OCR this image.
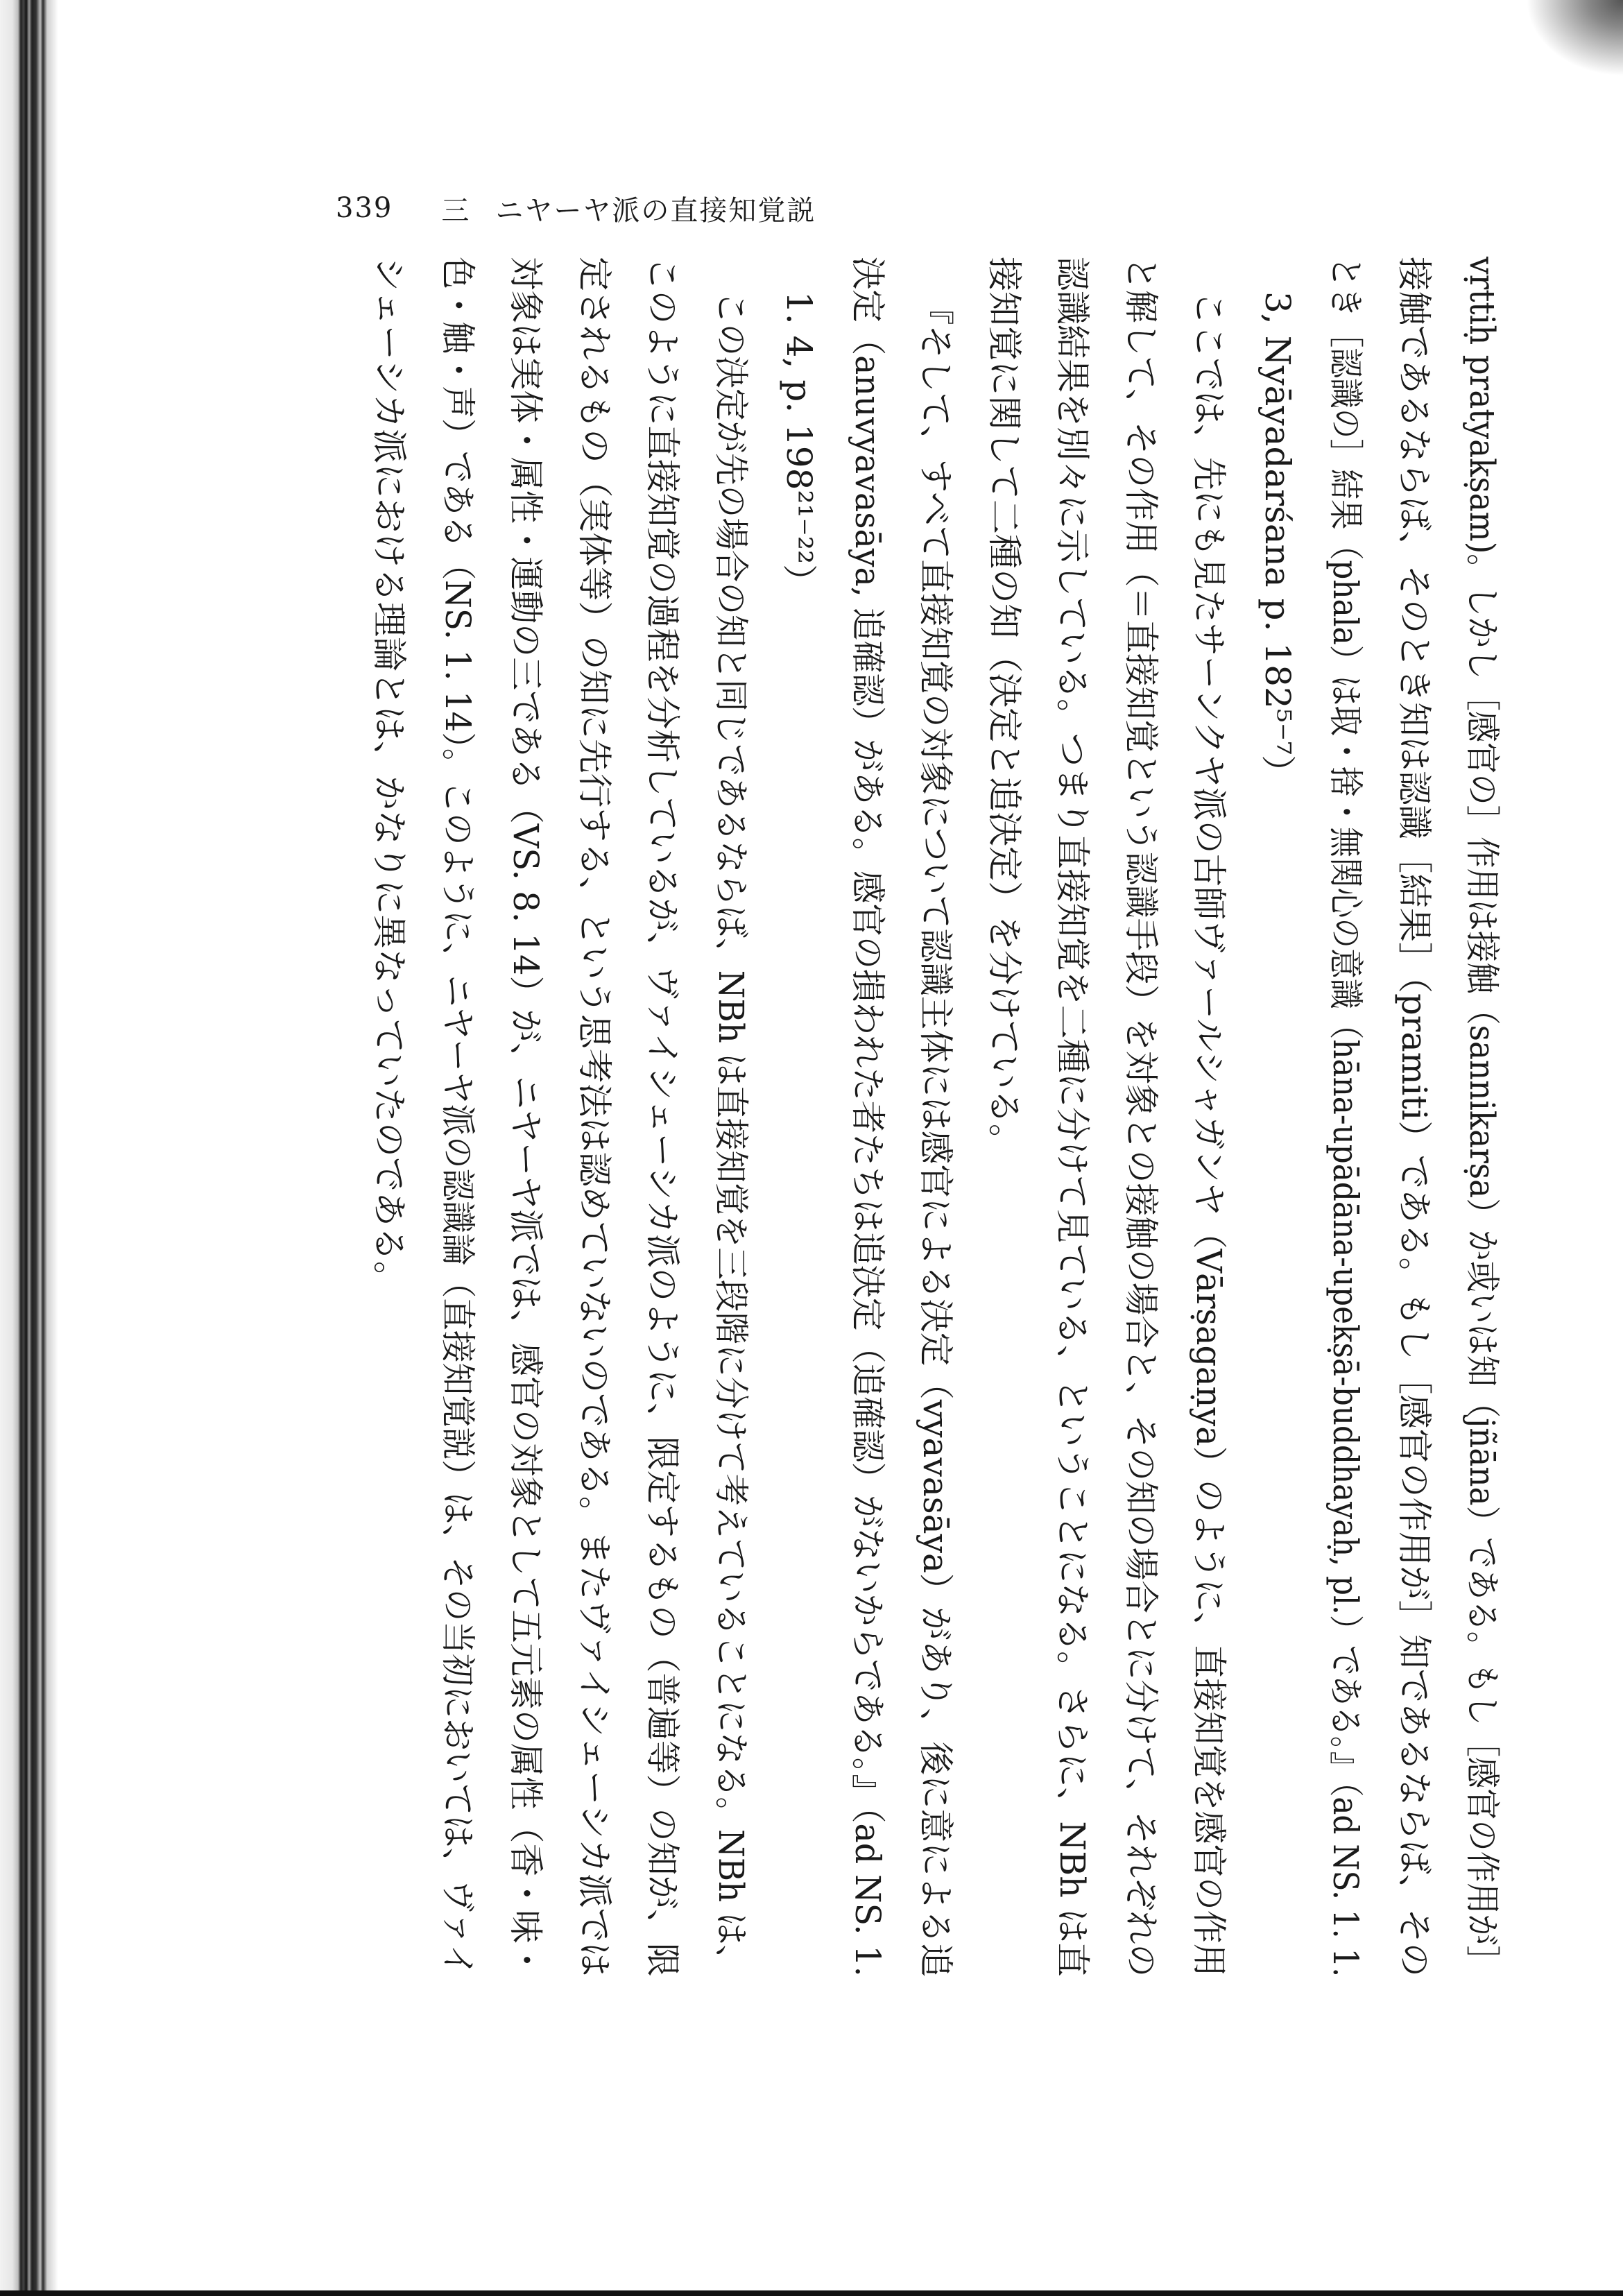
339 三 ニヤーヤ派の直接知覚説
vṛttiḥ pratyakṣam)。しかし［感官の］作用は接触（sannikarṣa）か或いは知（jñāna）である。もし［感官の作用が］
接触であるならば、そのとき知は認識［結果］（pramiti）である。もし［感官の作用が］知であるならば、その
とき［認識の］結果（phala）は取・捨・無関心の意識（hāna-upādāna-upekṣā-buddhayaḥ, pl.）である。』（ad NS. 1. 1.
3, Nyāyadarśana p. 182⁵⁻⁷）
ここでは、先にも見たサーンクヤ派の古師ヴァールシャガンヤ（Vārṣagaṇya）のように、直接知覚を感官の作用
と解して、その作用（＝直接知覚という認識手段）を対象との接触の場合と、その知の場合とに分けて、それぞれの
認識結果を別々に示している。つまり直接知覚を二種に分けて見ている、ということになる。さらに、NBh は直
接知覚に関して二種の知（決定と追決定）を分けている。
『そして、すべて直接知覚の対象について認識主体には感官による決定（vyavasāya）があり、後に意による追
決定（anuvyavasāya, 追確認）がある。感官の損われた者たちは追決定（追確認）がないからである。』（ad NS. 1.
1. 4, p. 198²¹⁻²²）
この決定が先の場合の知と同じであるならば、NBh は直接知覚を三段階に分けて考えていることになる。NBh は、
このように直接知覚の過程を分析しているが、ヴァイシェーシカ派のように、限定するもの（普遍等）の知が、限
定されるもの（実体等）の知に先行する、という思考法は認めていないのである。またヴァイシェーシカ派では
対象は実体・属性・運動の三である（VS. 8. 14）が、ニヤーヤ派では、感官の対象として五元素の属性（香・味・
色・触・声）である（NS. 1. 14）。このように、ニヤーヤ派の認識論（直接知覚説）は、その当初においては、ヴァイ
シェーシカ派における理論とは、かなりに異なっていたのである。
